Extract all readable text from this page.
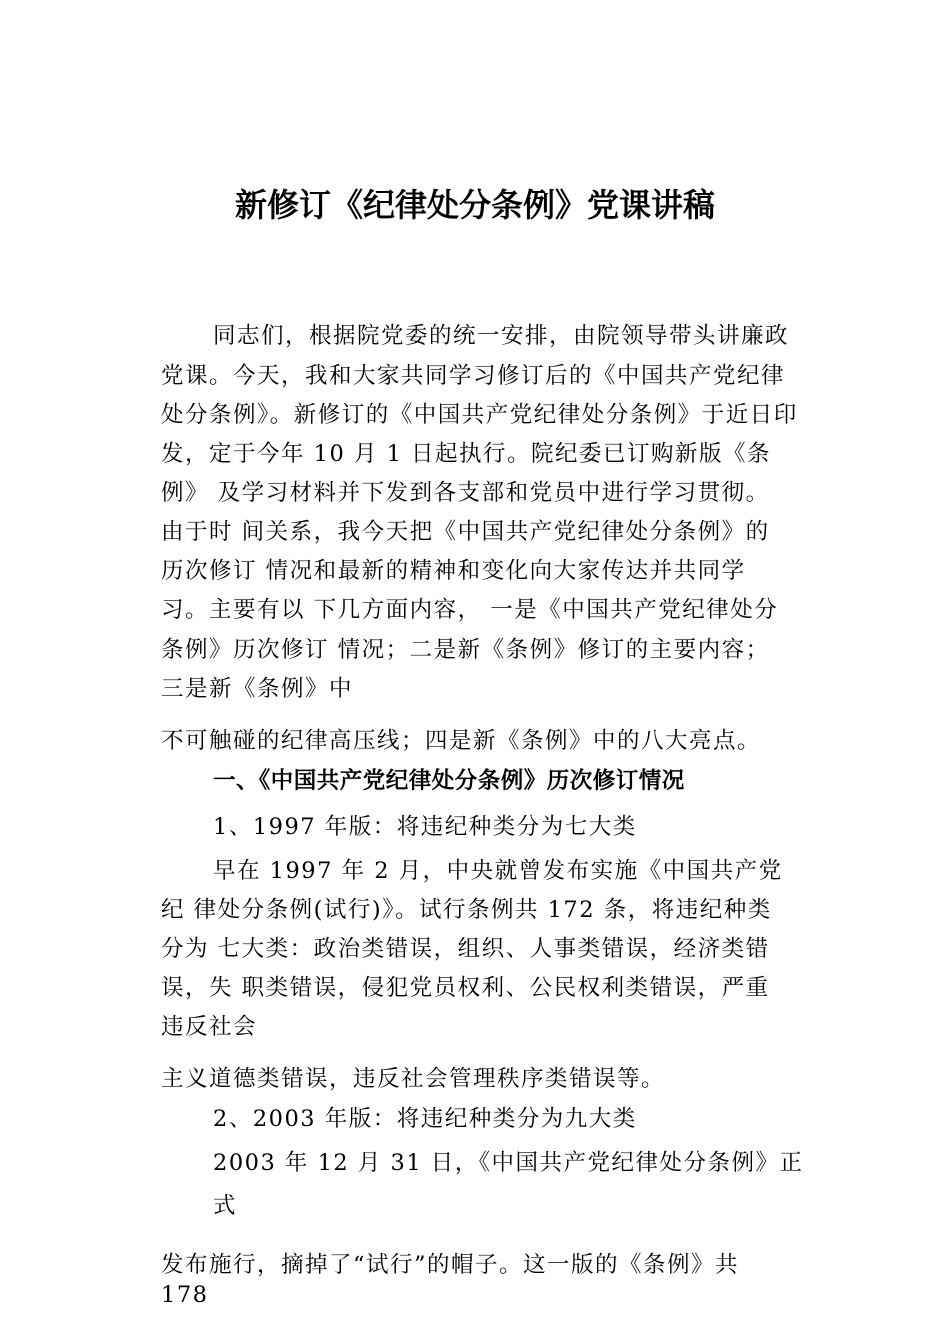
新修订《纪律处分条例》党课讲稿
同志们，根据院党委的统一安排，由院领导带头讲廉政
党课。今天，我和大家共同学习修订后的《中国共产党纪律
处分条例》。新修订的《中国共产党纪律处分条例》于近日印
发，定于今年 10 月 1 日起执行。院纪委已订购新版《条
例》 及学习材料并下发到各支部和党员中进行学习贯彻。
由于时 间关系，我今天把《中国共产党纪律处分条例》的
历次修订 情况和最新的精神和变化向大家传达并共同学
习。主要有以 下几方面内容， 一是《中国共产党纪律处分
条例》历次修订 情况；二是新《条例》修订的主要内容；
三是新《条例》中
不可触碰的纪律高压线；四是新《条例》中的八大亮点。
一、《中国共产党纪律处分条例》历次修订情况
1、1997 年版：将违纪种类分为七大类
早在 1997 年 2 月，中央就曾发布实施《中国共产党
纪 律处分条例(试行)》。试行条例共 172 条，将违纪种类
分为 七大类：政治类错误，组织、人事类错误，经济类错
误，失 职类错误，侵犯党员权利、公民权利类错误，严重
违反社会
主义道德类错误，违反社会管理秩序类错误等。
2、2003 年版：将违纪种类分为九大类
2003 年 12 月 31 日，《中国共产党纪律处分条例》正
式
发布施行，摘掉了“试行”的帽子。这一版的《条例》共
178
